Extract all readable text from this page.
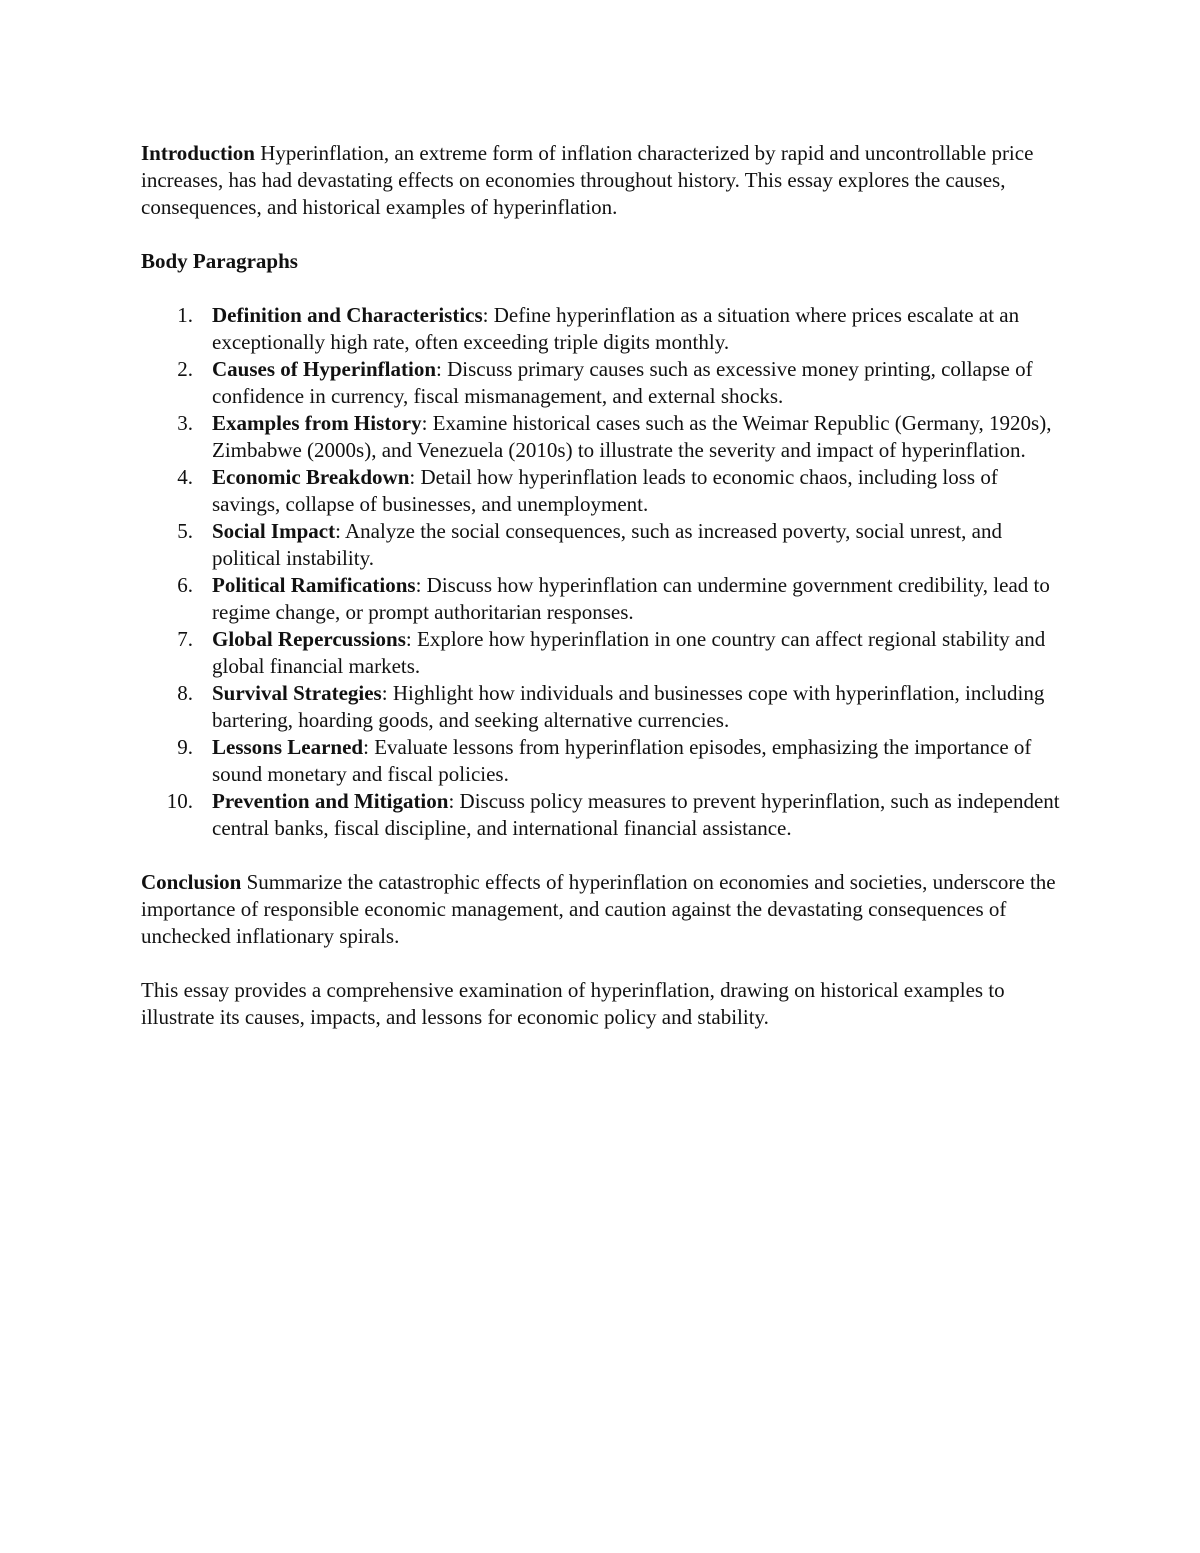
Introduction Hyperinflation, an extreme form of inflation characterized by rapid and uncontrollable price increases, has had devastating effects on economies throughout history. This essay explores the causes, consequences, and historical examples of hyperinflation.

Body Paragraphs

1. Definition and Characteristics: Define hyperinflation as a situation where prices escalate at an exceptionally high rate, often exceeding triple digits monthly.
2. Causes of Hyperinflation: Discuss primary causes such as excessive money printing, collapse of confidence in currency, fiscal mismanagement, and external shocks.
3. Examples from History: Examine historical cases such as the Weimar Republic (Germany, 1920s), Zimbabwe (2000s), and Venezuela (2010s) to illustrate the severity and impact of hyperinflation.
4. Economic Breakdown: Detail how hyperinflation leads to economic chaos, including loss of savings, collapse of businesses, and unemployment.
5. Social Impact: Analyze the social consequences, such as increased poverty, social unrest, and political instability.
6. Political Ramifications: Discuss how hyperinflation can undermine government credibility, lead to regime change, or prompt authoritarian responses.
7. Global Repercussions: Explore how hyperinflation in one country can affect regional stability and global financial markets.
8. Survival Strategies: Highlight how individuals and businesses cope with hyperinflation, including bartering, hoarding goods, and seeking alternative currencies.
9. Lessons Learned: Evaluate lessons from hyperinflation episodes, emphasizing the importance of sound monetary and fiscal policies.
10. Prevention and Mitigation: Discuss policy measures to prevent hyperinflation, such as independent central banks, fiscal discipline, and international financial assistance.

Conclusion Summarize the catastrophic effects of hyperinflation on economies and societies, underscore the importance of responsible economic management, and caution against the devastating consequences of unchecked inflationary spirals.

This essay provides a comprehensive examination of hyperinflation, drawing on historical examples to illustrate its causes, impacts, and lessons for economic policy and stability.
